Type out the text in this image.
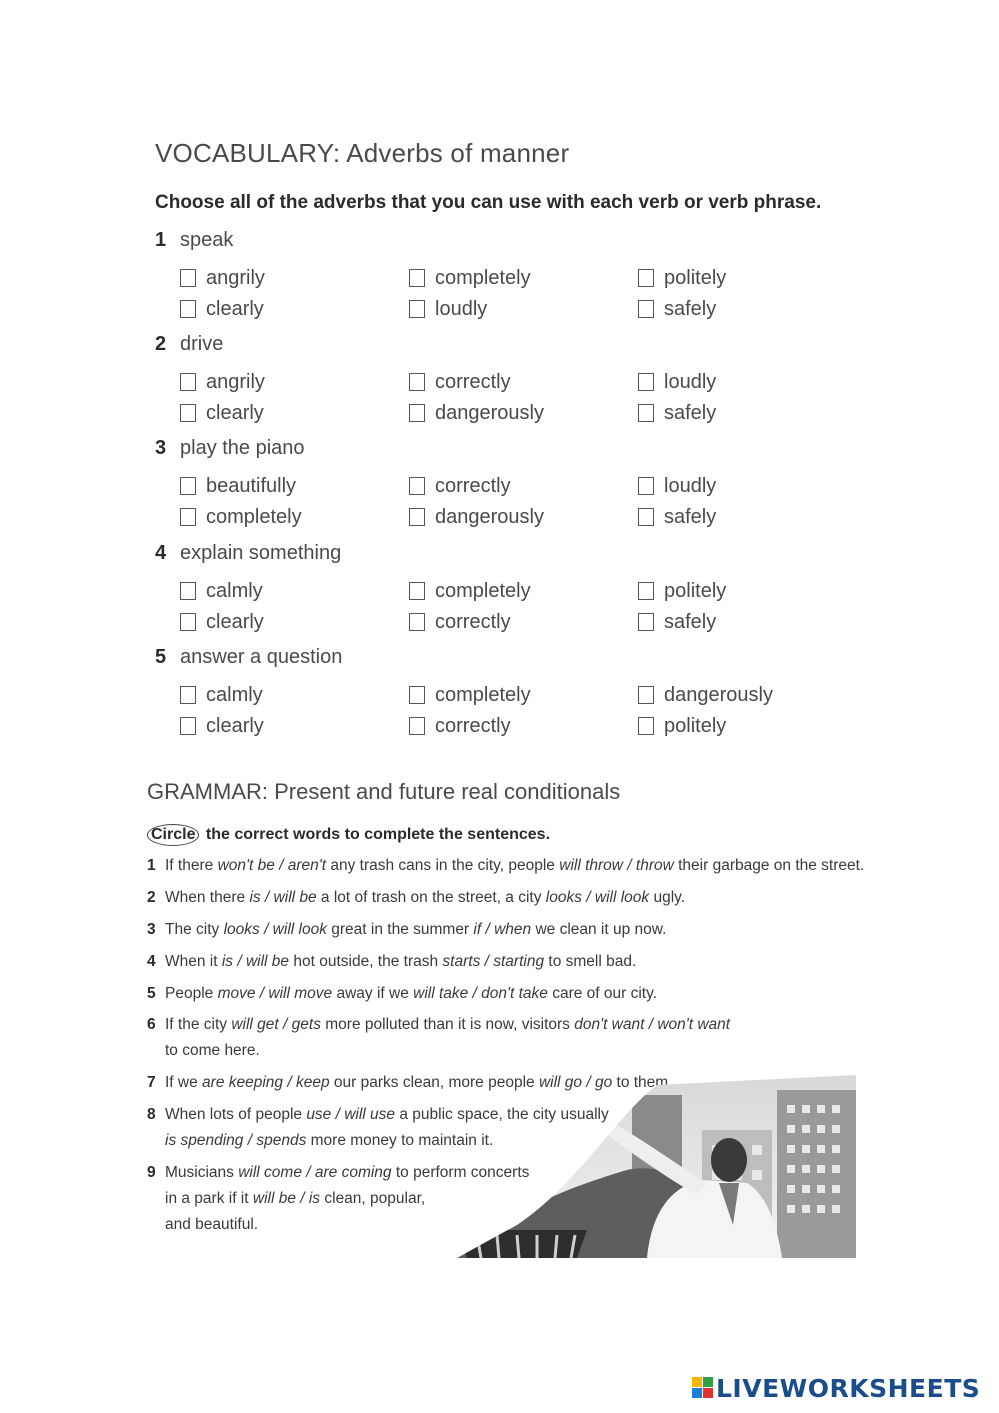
VOCABULARY: Adverbs of manner
Choose all of the adverbs that you can use with each verb or verb phrase.
1 speak
angrily	completely	politely
clearly	loudly	safely
2 drive
angrily	correctly	loudly
clearly	dangerously	safely
3 play the piano
beautifully	correctly	loudly
completely	dangerously	safely
4 explain something
calmly	completely	politely
clearly	correctly	safely
5 answer a question
calmly	completely	dangerously
clearly	correctly	politely
GRAMMAR: Present and future real conditionals
Circle the correct words to complete the sentences.
1 If there won't be / aren't any trash cans in the city, people will throw / throw their garbage on the street.
2 When there is / will be a lot of trash on the street, a city looks / will look ugly.
3 The city looks / will look great in the summer if / when we clean it up now.
4 When it is / will be hot outside, the trash starts / starting to smell bad.
5 People move / will move away if we will take / don't take care of our city.
6 If the city will get / gets more polluted than it is now, visitors don't want / won't want
to come here.
7 If we are keeping / keep our parks clean, more people will go / go to them.
8 When lots of people use / will use a public space, the city usually
is spending / spends more money to maintain it.
9 Musicians will come / are coming to perform concerts
in a park if it will be / is clean, popular,
and beautiful.
LIVEWORKSHEETS
